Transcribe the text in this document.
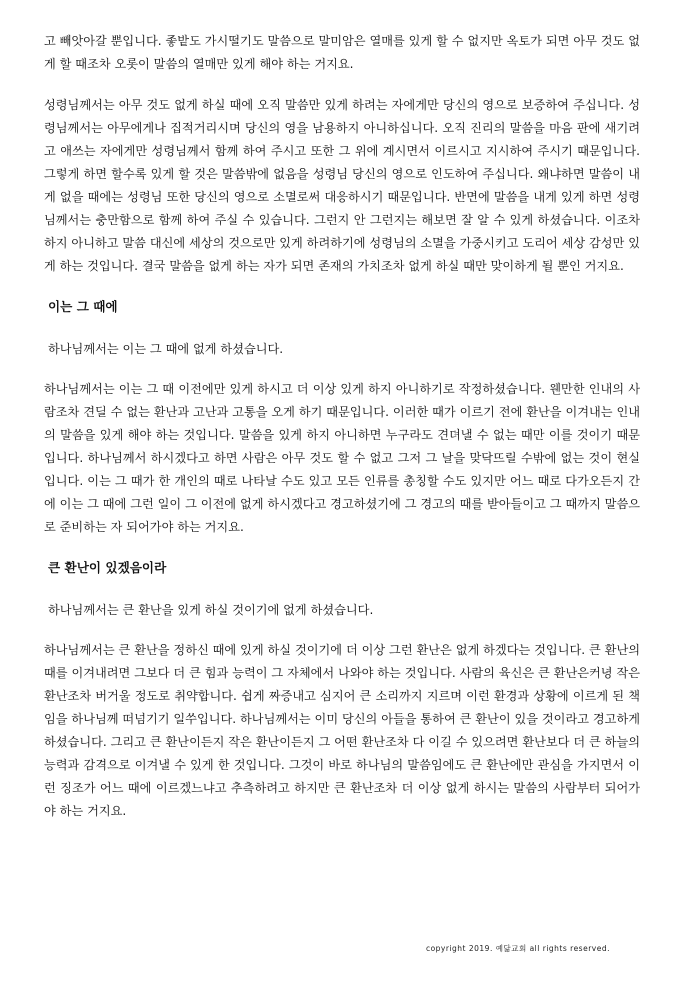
고 빼앗아갈 뿐입니다. 좋밭도 가시떨기도 말씀으로 말미암은 열매를 있게 할 수 없지만 옥토가 되면 아무 것도 없게 할 때조차 오롯이 말씀의 열매만 있게 해야 하는 거지요.

성령님께서는 아무 것도 없게 하실 때에 오직 말씀만 있게 하려는 자에게만 당신의 영으로 보증하여 주십니다. 성령님께서는 아무에게나 집적거리시며 당신의 영을 남용하지 아니하십니다. 오직 진리의 말씀을 마음 판에 새기려고 애쓰는 자에게만 성령님께서 함께 하여 주시고 또한 그 위에 계시면서 이르시고 지시하여 주시기 때문입니다. 그렇게 하면 할수록 있게 할 것은 말씀밖에 없음을 성령님 당신의 영으로 인도하여 주십니다. 왜냐하면 말씀이 내게 없을 때에는 성령님 또한 당신의 영으로 소멸로써 대응하시기 때문입니다. 반면에 말씀을 내게 있게 하면 성령님께서는 충만함으로 함께 하여 주실 수 있습니다. 그런지 안 그런지는 해보면 잘 알 수 있게 하셨습니다. 이조차 하지 아니하고 말씀 대신에 세상의 것으로만 있게 하려하기에 성령님의 소멸을 가중시키고 도리어 세상 감성만 있게 하는 것입니다. 결국 말씀을 없게 하는 자가 되면 존재의 가치조차 없게 하실 때만 맞이하게 될 뿐인 거지요.

이는 그 때에
하나님께서는 이는 그 때에 없게 하셨습니다.

하나님께서는 이는 그 때 이전에만 있게 하시고 더 이상 있게 하지 아니하기로 작정하셨습니다. 웬만한 인내의 사람조차 견딜 수 없는 환난과 고난과 고통을 오게 하기 때문입니다. 이러한 때가 이르기 전에 환난을 이겨내는 인내의 말씀을 있게 해야 하는 것입니다. 말씀을 있게 하지 아니하면 누구라도 견뎌낼 수 없는 때만 이를 것이기 때문입니다. 하나님께서 하시겠다고 하면 사람은 아무 것도 할 수 없고 그저 그 날을 맞닥뜨릴 수밖에 없는 것이 현실입니다. 이는 그 때가 한 개인의 때로 나타날 수도 있고 모든 인류를 총칭할 수도 있지만 어느 때로 다가오든지 간에 이는 그 때에 그런 일이 그 이전에 없게 하시겠다고 경고하셨기에 그 경고의 때를 받아들이고 그 때까지 말씀으로 준비하는 자 되어가야 하는 거지요.

큰 환난이 있겠음이라
하나님께서는 큰 환난을 있게 하실 것이기에 없게 하셨습니다.

하나님께서는 큰 환난을 정하신 때에 있게 하실 것이기에 더 이상 그런 환난은 없게 하겠다는 것입니다. 큰 환난의 때를 이겨내려면 그보다 더 큰 힘과 능력이 그 자체에서 나와야 하는 것입니다. 사람의 육신은 큰 환난은커녕 작은 환난조차 버거울 정도로 취약합니다. 쉽게 짜증내고 심지어 큰 소리까지 지르며 이런 환경과 상황에 이르게 된 책임을 하나님께 떠넘기기 일쑤입니다. 하나님께서는 이미 당신의 아들을 통하여 큰 환난이 있을 것이라고 경고하게 하셨습니다. 그리고 큰 환난이든지 작은 환난이든지 그 어떤 환난조차 다 이길 수 있으려면 환난보다 더 큰 하늘의 능력과 감격으로 이겨낼 수 있게 한 것입니다. 그것이 바로 하나님의 말씀임에도 큰 환난에만 관심을 가지면서 이런 징조가 어느 때에 이르겠느냐고 추측하려고 하지만 큰 환난조차 더 이상 없게 하시는 말씀의 사람부터 되어가야 하는 거지요.

copyright 2019. 예닮교회 all rights reserved.
